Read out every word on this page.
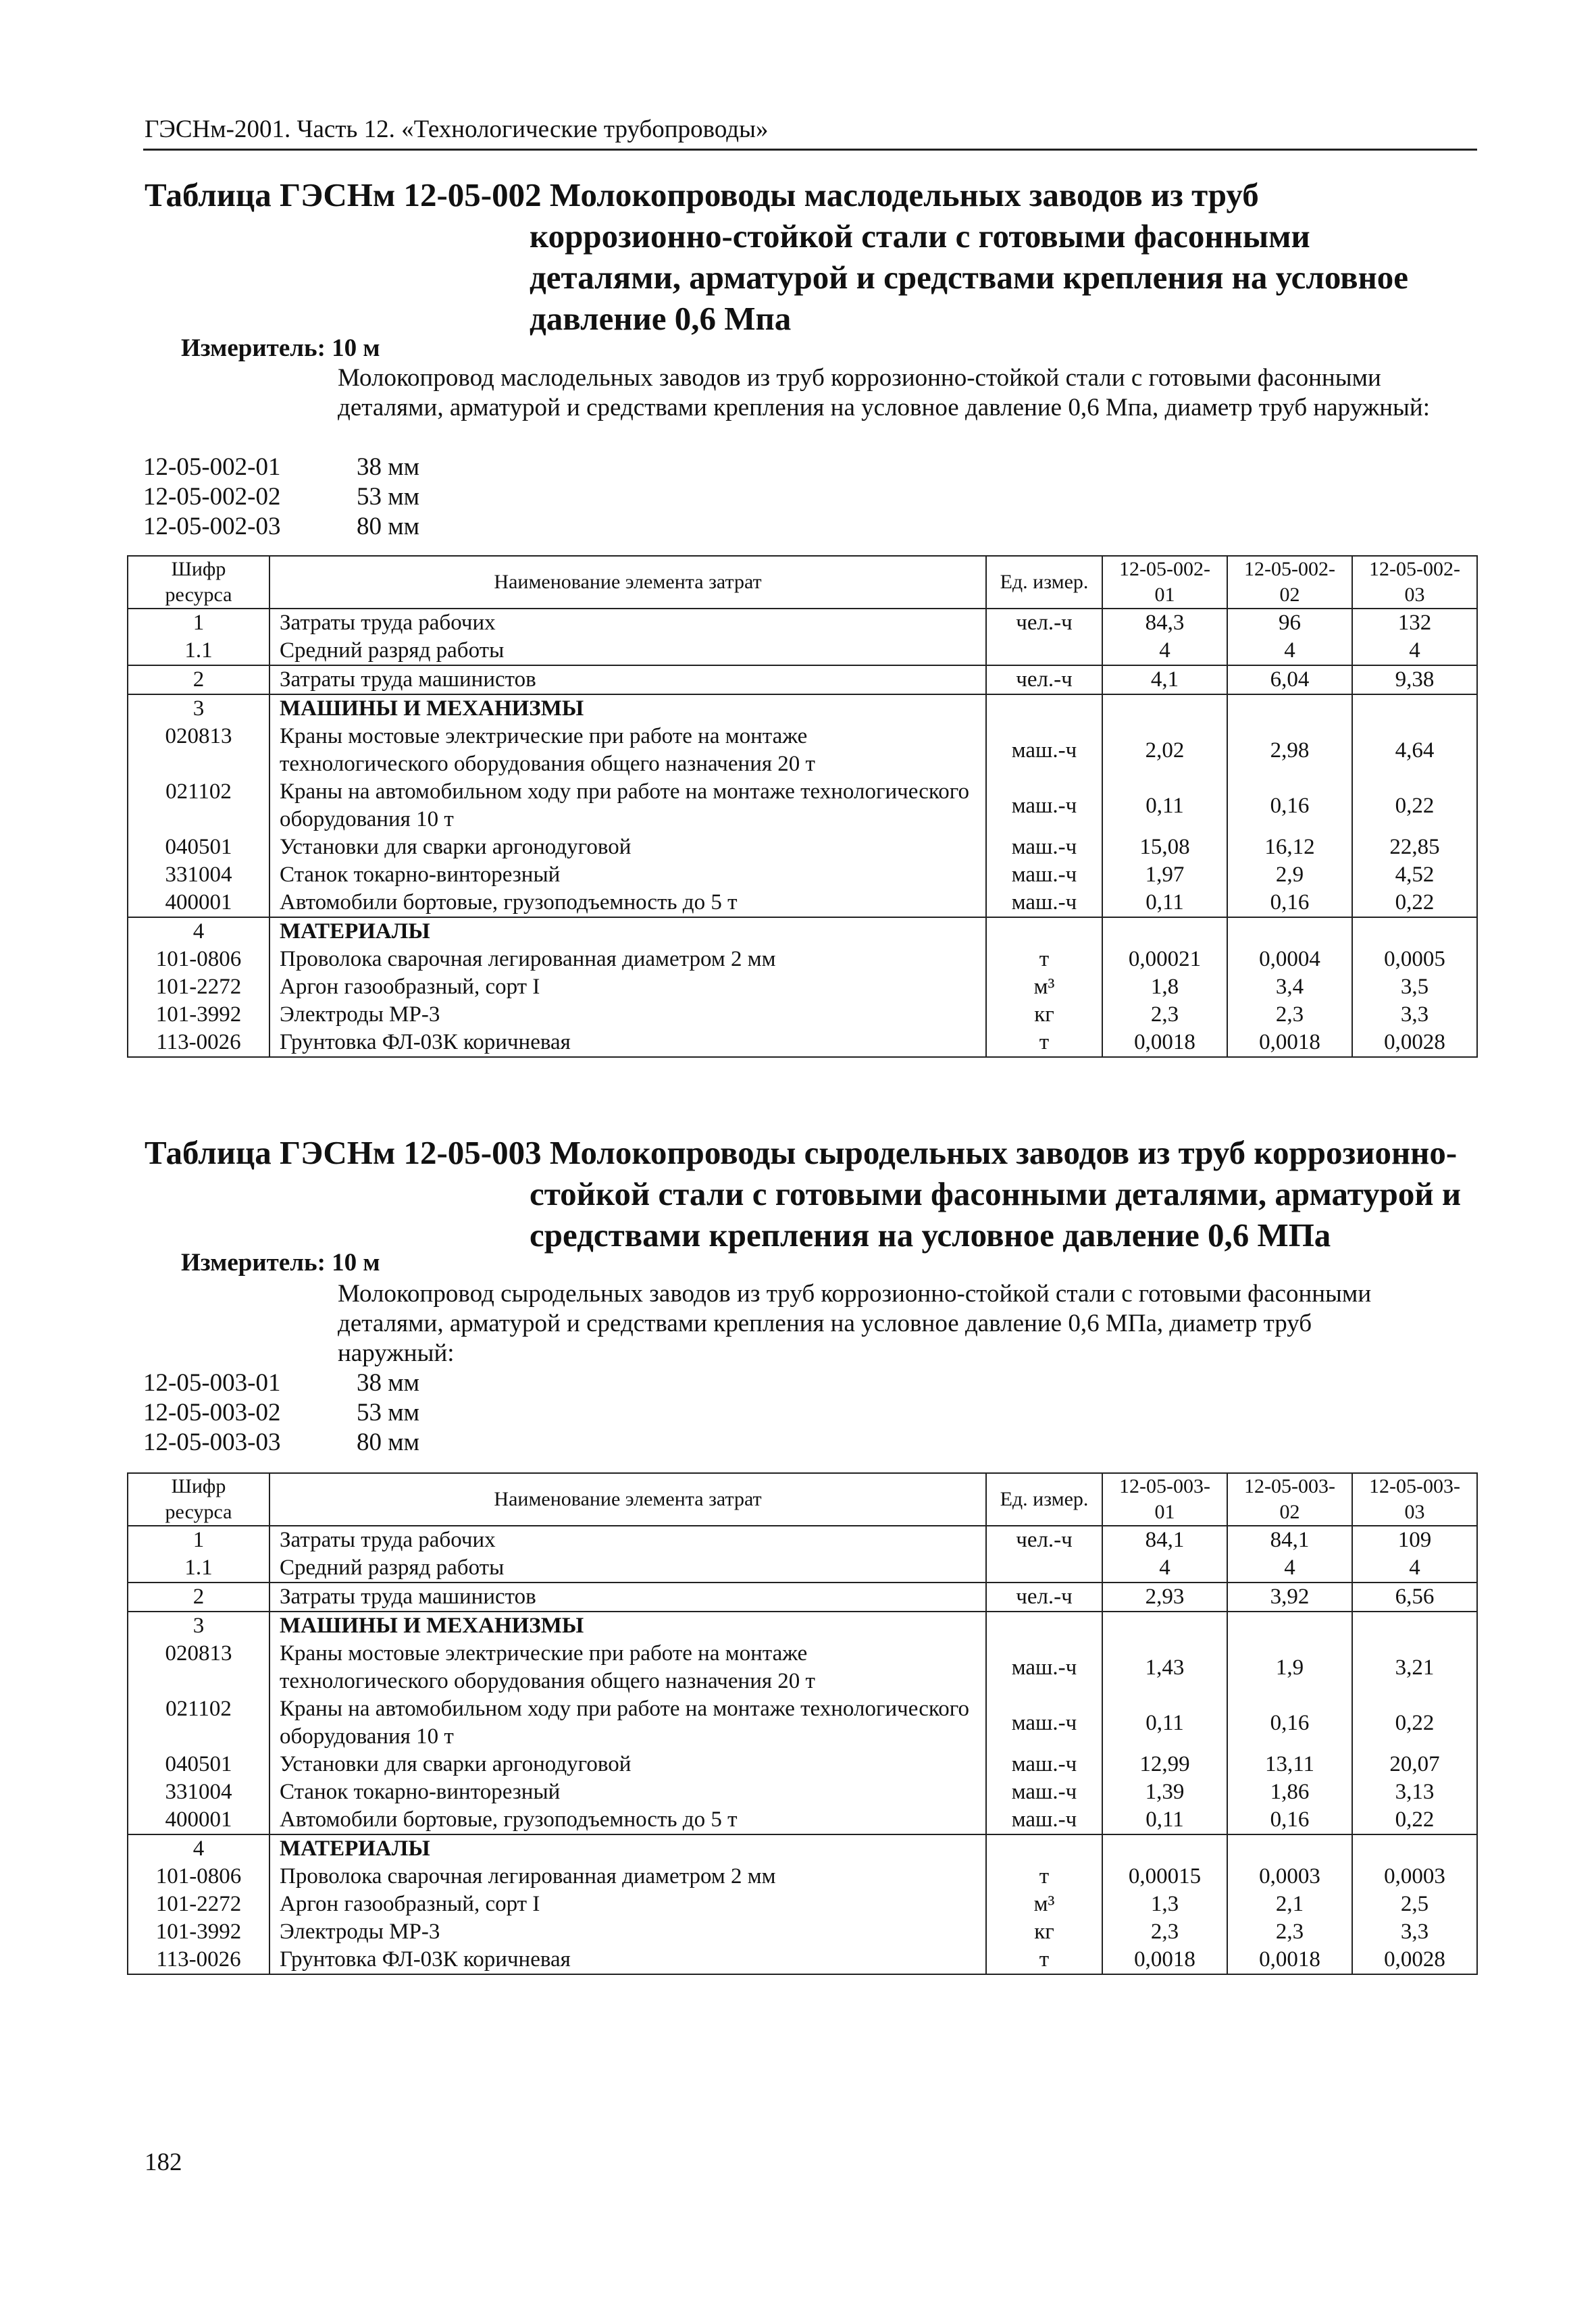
ГЭСНм-2001. Часть 12. «Технологические трубопроводы»
Таблица ГЭСНм 12-05-002 Молокопроводы маслодельных заводов из труб
коррозионно-стойкой стали с готовыми фасонными деталями, арматурой и средствами крепления на условное давление 0,6 Мпа
Измеритель: 10 м
Молокопровод маслодельных заводов из труб коррозионно-стойкой стали с готовыми фасонными деталями, арматурой и средствами крепления на условное давление 0,6 Мпа, диаметр труб наружный:
12-05-002-01	38 мм
12-05-002-02	53 мм
12-05-002-03	80 мм
Шифр ресурса	Наименование элемента затрат	Ед. измер.	12-05-002-01	12-05-002-02	12-05-002-03
1	Затраты труда рабочих	чел.-ч	84,3	96	132
1.1	Средний разряд работы		4	4	4
2	Затраты труда машинистов	чел.-ч	4,1	6,04	9,38
3	МАШИНЫ И МЕХАНИЗМЫ				
020813	Краны мостовые электрические при работе на монтаже технологического оборудования общего назначения 20 т	маш.-ч	2,02	2,98	4,64
021102	Краны на автомобильном ходу при работе на монтаже технологического оборудования 10 т	маш.-ч	0,11	0,16	0,22
040501	Установки для сварки аргонодуговой	маш.-ч	15,08	16,12	22,85
331004	Станок токарно-винторезный	маш.-ч	1,97	2,9	4,52
400001	Автомобили бортовые, грузоподъемность до 5 т	маш.-ч	0,11	0,16	0,22
4	МАТЕРИАЛЫ				
101-0806	Проволока сварочная легированная диаметром 2 мм	т	0,00021	0,0004	0,0005
101-2272	Аргон газообразный, сорт I	м³	1,8	3,4	3,5
101-3992	Электроды МР-3	кг	2,3	2,3	3,3
113-0026	Грунтовка ФЛ-03К коричневая	т	0,0018	0,0018	0,0028
Таблица ГЭСНм 12-05-003 Молокопроводы сыродельных заводов из труб коррозионно-
стойкой стали с готовыми фасонными деталями, арматурой и средствами крепления на условное давление 0,6 МПа
Измеритель: 10 м
Молокопровод сыродельных заводов из труб коррозионно-стойкой стали с готовыми фасонными деталями, арматурой и средствами крепления на условное давление 0,6 МПа, диаметр труб наружный:
12-05-003-01	38 мм
12-05-003-02	53 мм
12-05-003-03	80 мм
Шифр ресурса	Наименование элемента затрат	Ед. измер.	12-05-003-01	12-05-003-02	12-05-003-03
1	Затраты труда рабочих	чел.-ч	84,1	84,1	109
1.1	Средний разряд работы		4	4	4
2	Затраты труда машинистов	чел.-ч	2,93	3,92	6,56
3	МАШИНЫ И МЕХАНИЗМЫ				
020813	Краны мостовые электрические при работе на монтаже технологического оборудования общего назначения 20 т	маш.-ч	1,43	1,9	3,21
021102	Краны на автомобильном ходу при работе на монтаже технологического оборудования 10 т	маш.-ч	0,11	0,16	0,22
040501	Установки для сварки аргонодуговой	маш.-ч	12,99	13,11	20,07
331004	Станок токарно-винторезный	маш.-ч	1,39	1,86	3,13
400001	Автомобили бортовые, грузоподъемность до 5 т	маш.-ч	0,11	0,16	0,22
4	МАТЕРИАЛЫ				
101-0806	Проволока сварочная легированная диаметром 2 мм	т	0,00015	0,0003	0,0003
101-2272	Аргон газообразный, сорт I	м³	1,3	2,1	2,5
101-3992	Электроды МР-3	кг	2,3	2,3	3,3
113-0026	Грунтовка ФЛ-03К коричневая	т	0,0018	0,0018	0,0028
182
